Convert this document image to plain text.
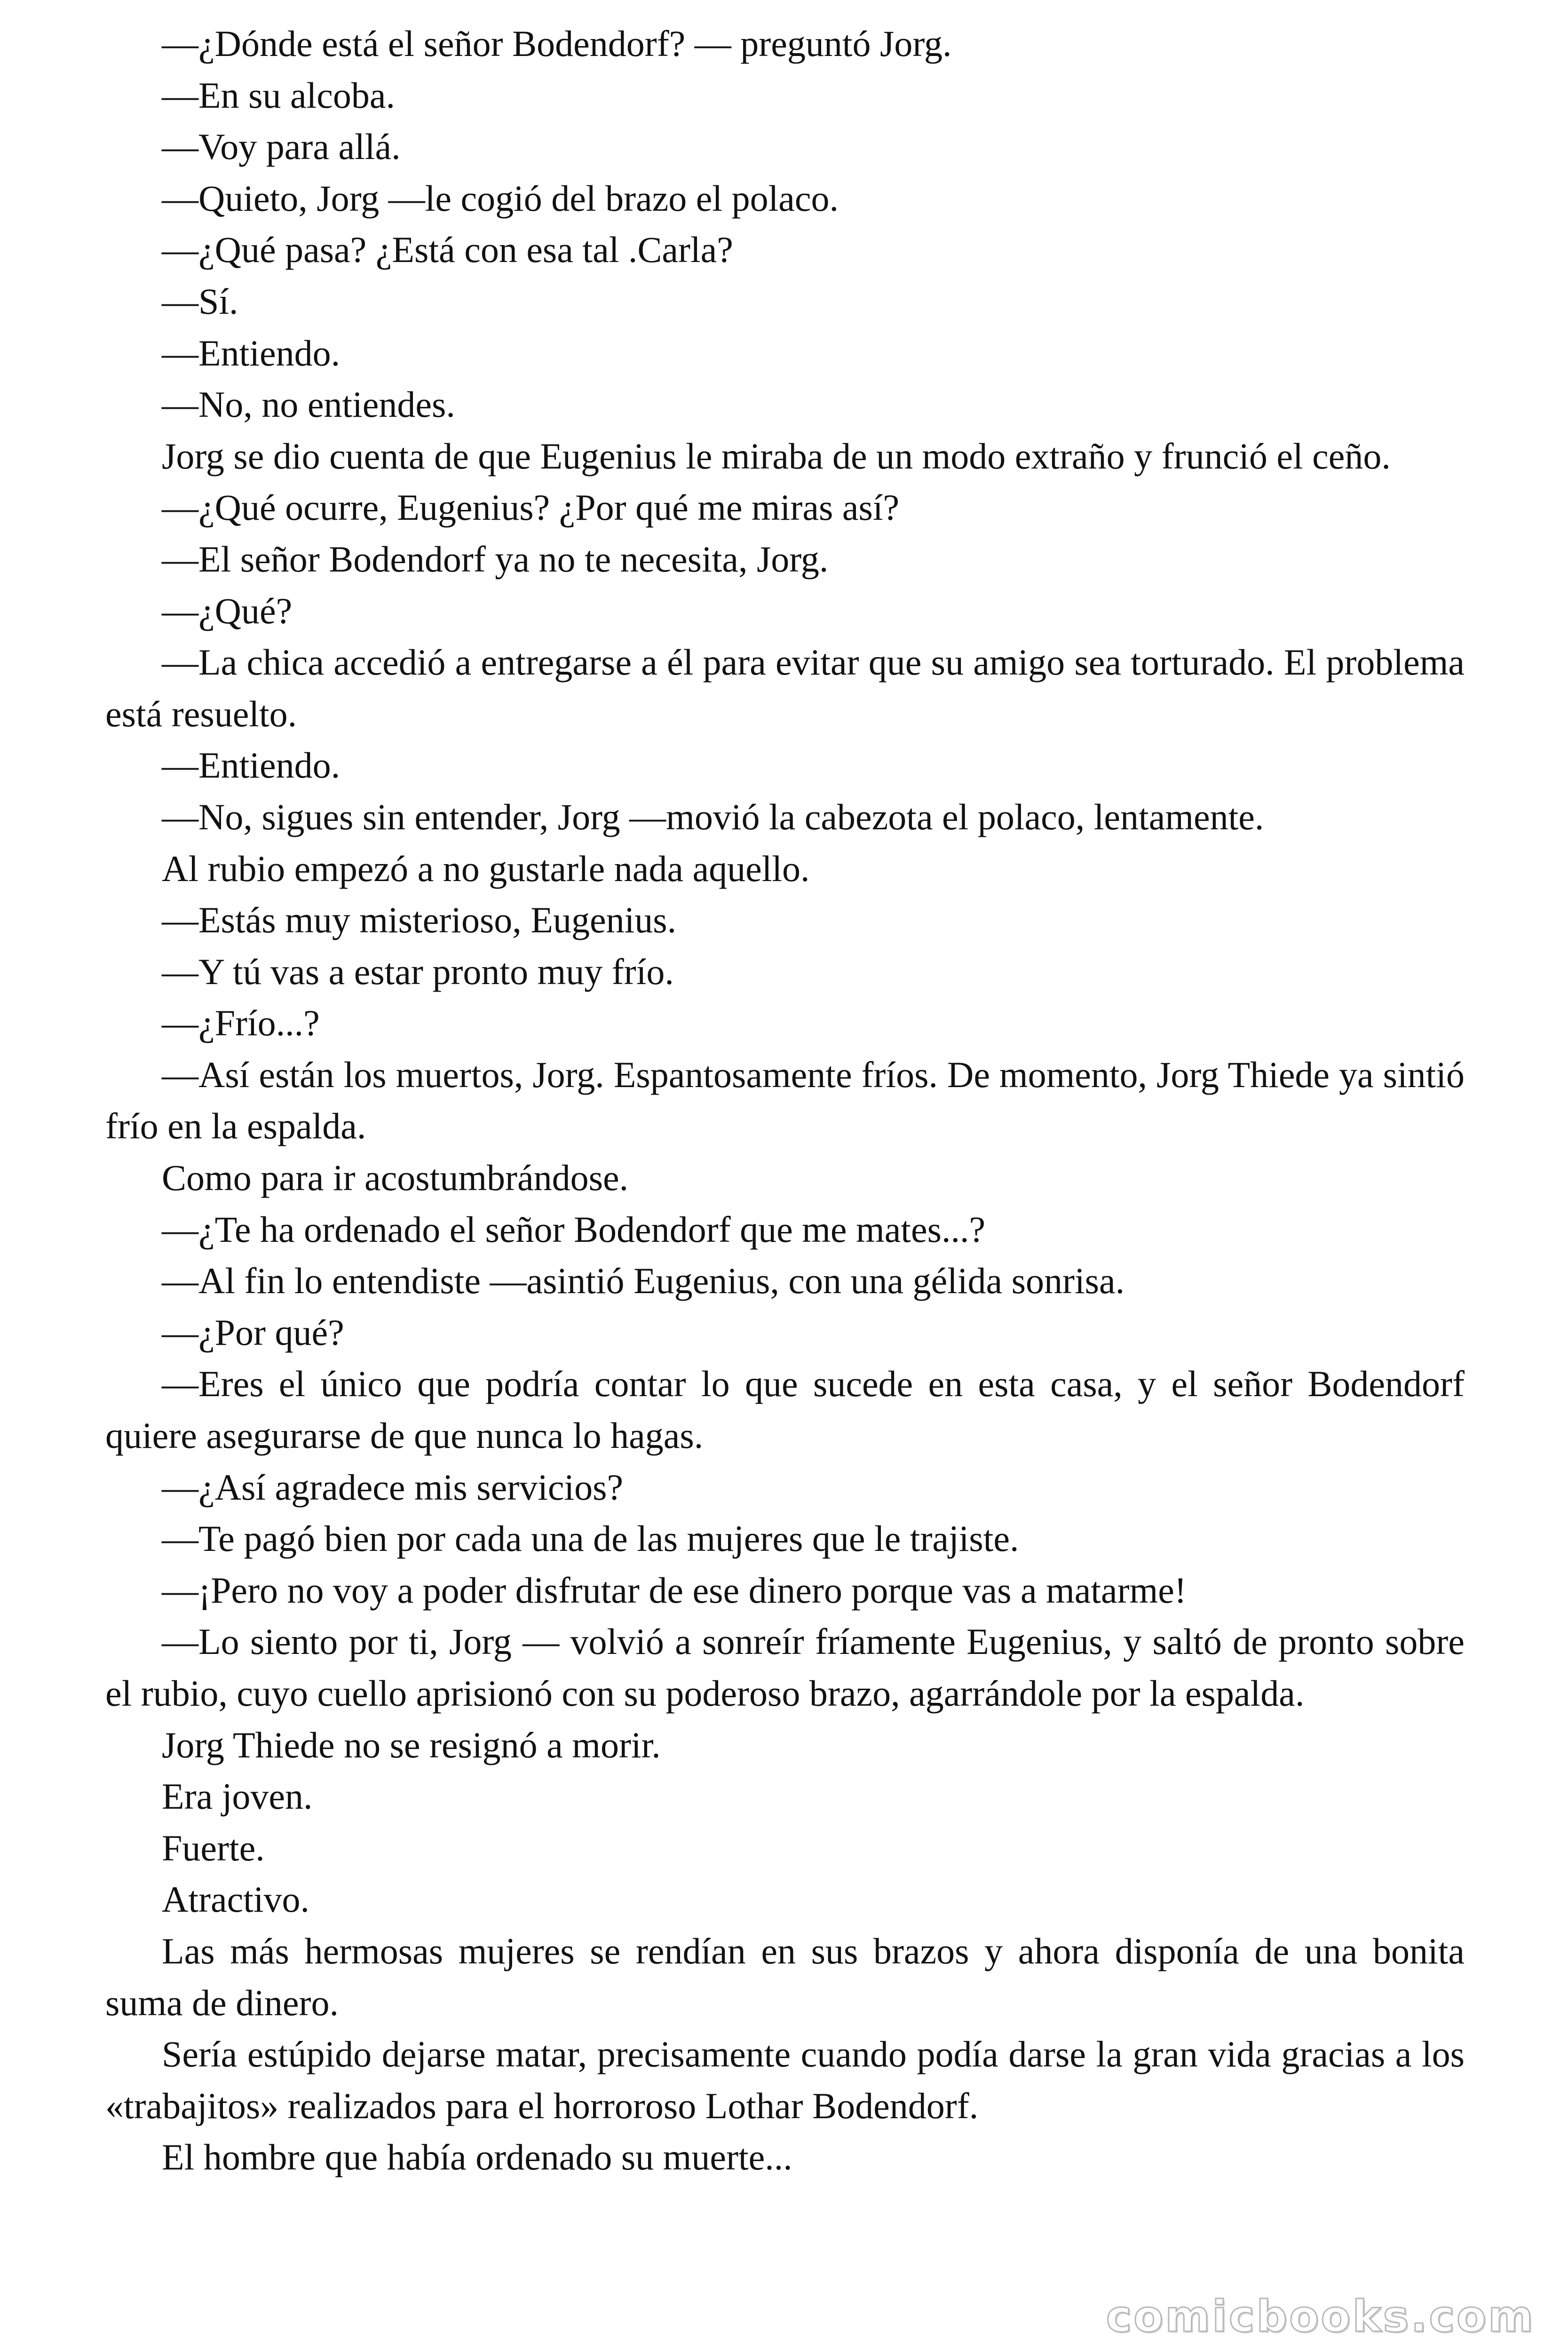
—¿Dónde está el señor Bodendorf? — preguntó Jorg.

—En su alcoba.

—Voy para allá.

—Quieto, Jorg —le cogió del brazo el polaco.

—¿Qué pasa? ¿Está con esa tal .Carla?

—Sí.

—Entiendo.

—No, no entiendes.

Jorg se dio cuenta de que Eugenius le miraba de un modo extraño y frunció el ceño.

—¿Qué ocurre, Eugenius? ¿Por qué me miras así?

—El señor Bodendorf ya no te necesita, Jorg.

—¿Qué?

—La chica accedió a entregarse a él para evitar que su amigo sea torturado. El problema está resuelto.

—Entiendo.

—No, sigues sin entender, Jorg —movió la cabezota el polaco, lentamente.

Al rubio empezó a no gustarle nada aquello.

—Estás muy misterioso, Eugenius.

—Y tú vas a estar pronto muy frío.

—¿Frío...?

—Así están los muertos, Jorg. Espantosamente fríos. De momento, Jorg Thiede ya sintió frío en la espalda.

Como para ir acostumbrándose.

—¿Te ha ordenado el señor Bodendorf que me mates...?

—Al fin lo entendiste —asintió Eugenius, con una gélida sonrisa.

—¿Por qué?

—Eres el único que podría contar lo que sucede en esta casa, y el señor Bodendorf quiere asegurarse de que nunca lo hagas.

—¿Así agradece mis servicios?

—Te pagó bien por cada una de las mujeres que le trajiste.

—¡Pero no voy a poder disfrutar de ese dinero porque vas a matarme!

—Lo siento por ti, Jorg — volvió a sonreír fríamente Eugenius, y saltó de pronto sobre el rubio, cuyo cuello aprisionó con su poderoso brazo, agarrándole por la espalda.

Jorg Thiede no se resignó a morir.

Era joven.

Fuerte.

Atractivo.

Las más hermosas mujeres se rendían en sus brazos y ahora disponía de una bonita suma de dinero.

Sería estúpido dejarse matar, precisamente cuando podía darse la gran vida gracias a los «trabajitos» realizados para el horroroso Lothar Bodendorf.

El hombre que había ordenado su muerte...

comicbooks.com
